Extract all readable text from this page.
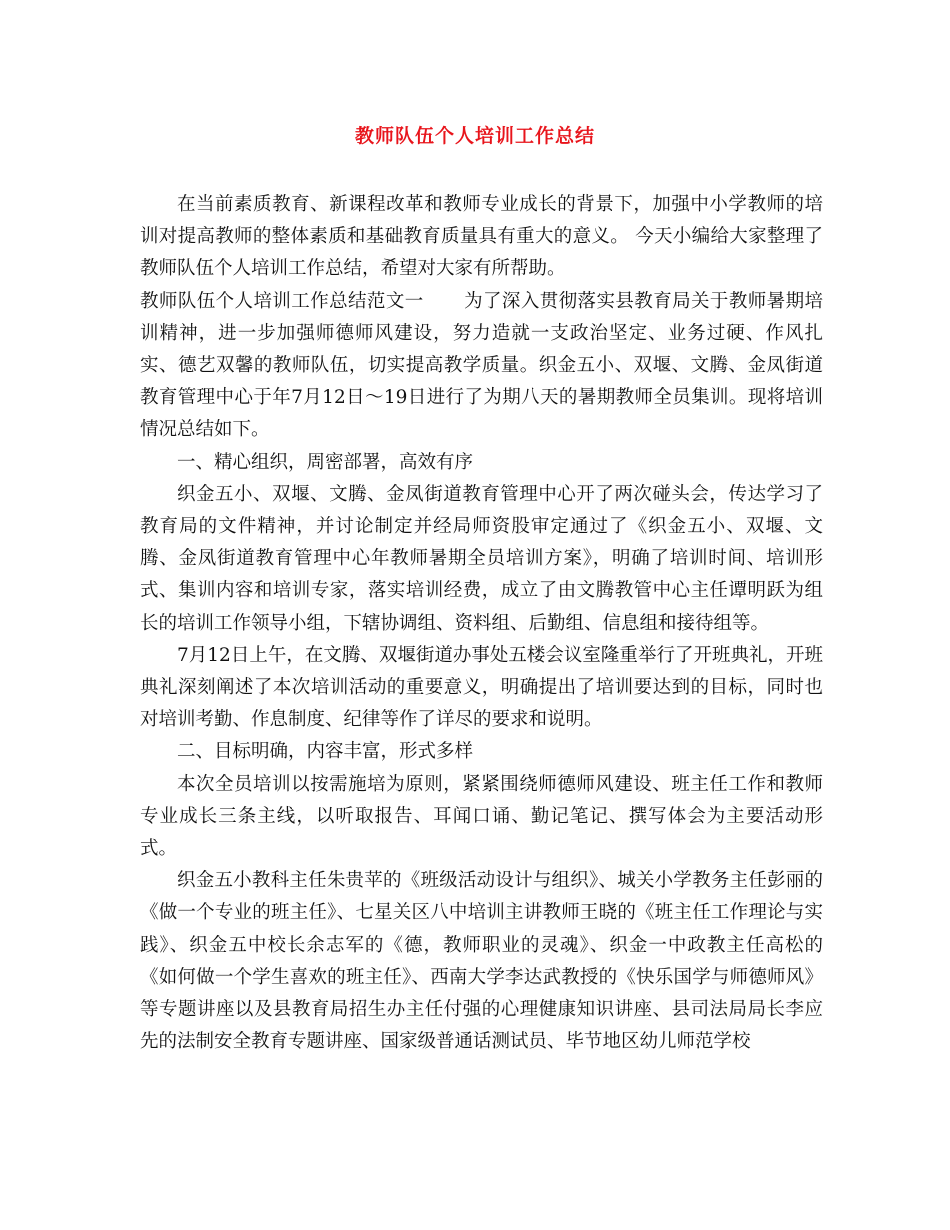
教师队伍个人培训工作总结

在当前素质教育、新课程改革和教师专业成长的背景下，加强中小学教师的培训对提高教师的整体素质和基础教育质量具有重大的意义。 今天小编给大家整理了教师队伍个人培训工作总结，希望对大家有所帮助。

教师队伍个人培训工作总结范文一 为了深入贯彻落实县教育局关于教师暑期培训精神，进一步加强师德师风建设，努力造就一支政治坚定、业务过硬、作风扎实、德艺双馨的教师队伍，切实提高教学质量。织金五小、双堰、文腾、金凤街道教育管理中心于年7月12日～19日进行了为期八天的暑期教师全员集训。现将培训情况总结如下。

一、精心组织，周密部署，高效有序

织金五小、双堰、文腾、金凤街道教育管理中心开了两次碰头会，传达学习了教育局的文件精神，并讨论制定并经局师资股审定通过了《织金五小、双堰、文腾、金凤街道教育管理中心年教师暑期全员培训方案》，明确了培训时间、培训形式、集训内容和培训专家，落实培训经费，成立了由文腾教管中心主任谭明跃为组长的培训工作领导小组，下辖协调组、资料组、后勤组、信息组和接待组等。

7月12日上午，在文腾、双堰街道办事处五楼会议室隆重举行了开班典礼，开班典礼深刻阐述了本次培训活动的重要意义，明确提出了培训要达到的目标，同时也对培训考勤、作息制度、纪律等作了详尽的要求和说明。

二、目标明确，内容丰富，形式多样

本次全员培训以按需施培为原则，紧紧围绕师德师风建设、班主任工作和教师专业成长三条主线，以听取报告、耳闻口诵、勤记笔记、撰写体会为主要活动形式。

织金五小教科主任朱贵苹的《班级活动设计与组织》、城关小学教务主任彭丽的《做一个专业的班主任》、七星关区八中培训主讲教师王晓的《班主任工作理论与实践》、织金五中校长余志军的《德，教师职业的灵魂》、织金一中政教主任高松的《如何做一个学生喜欢的班主任》、西南大学李达武教授的《快乐国学与师德师风》等专题讲座以及县教育局招生办主任付强的心理健康知识讲座、县司法局局长李应先的法制安全教育专题讲座、国家级普通话测试员、毕节地区幼儿师范学校
